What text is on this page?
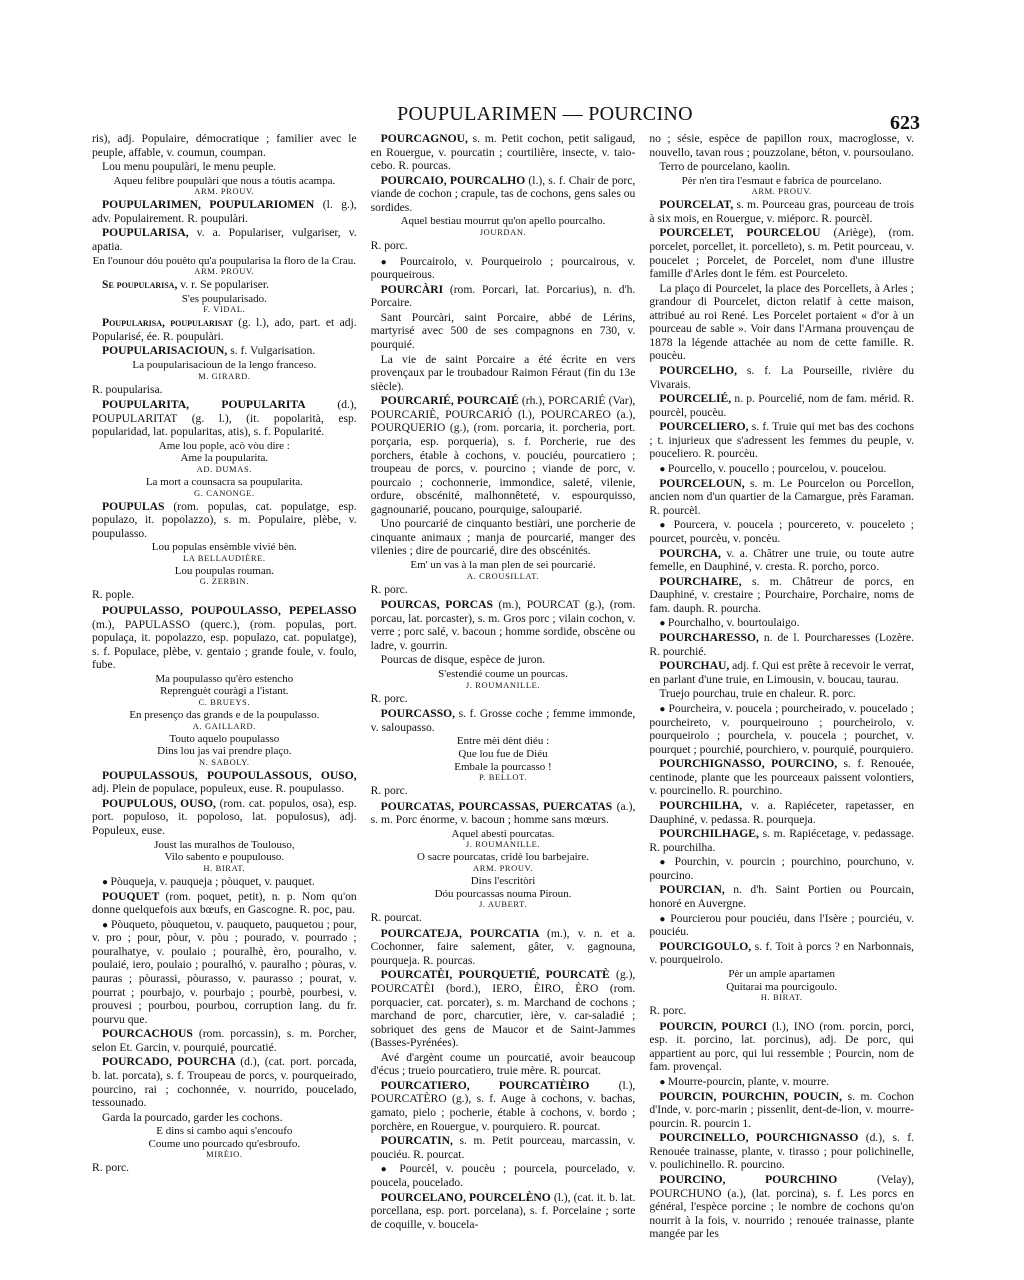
POUPULARIMEN — POURCINO	623

ris), adj. Populaire, démocratique ; familier avec le peuple, affable, v. coumun, coumpan.

Lou menu poupulàri, le menu peuple.

Aqueu felibre poupulàri que nous a tóutis acampa.

ARM. PROUV.

POUPULARIMEN, POUPULARIOMEN (l. g.), adv. Populairement. R. poupulàri.

POUPULARISA, v. a. Populariser, vulgariser, v. apatia.

En l'ounour dóu pouèto qu'a poupularisa la floro de la Crau.

ARM. PROUV.

Se poupularisa, v. r. Se populariser.

S'es poupularisado.

F. VIDAL.

Poupularisa, poupularisat (g. l.), ado, part. et adj. Popularisé, ée. R. poupulàri.

POUPULARISACIOUN, s. f. Vulgarisation.

La poupularisacioun de la lengo franceso.

M. GIRARD.

R. poupularisa.

POUPULARITA, POUPULARITA (d.), POUPULARITAT (g. l.), (it. popolarità, esp. popularidad, lat. popularitas, atis), s. f. Popularité.

Ame lou pople, acò vòu dire :
Ame la poupularita.

AD. DUMAS.

La mort a counsacra sa poupularita.

G. CANONGE.

POUPULAS (rom. populas, cat. populatge, esp. populazo, it. popolazzo), s. m. Populaire, plèbe, v. poupulasso.

Lou populas ensèmble vivié bèn.

LA BELLAUDIÈRE.

Lou poupulas rouman.

G. ZERBIN.

R. pople.

POUPULASSO, POUPOULASSO, PEPELASSO (m.), PAPULASSO (querc.), (rom. populas, port. populaça, it. popolazzo, esp. populazo, cat. populatge), s. f. Populace, plèbe, v. gentaio ; grande foule, v. foulo, fube.

Ma poupulasso qu'èro estencho
Reprenguèt couràgi a l'istant.

C. BRUEYS.

En presenço das grands e de la poupulasso.

A. GAILLARD.

Touto aquelo poupulasso
Dins lou jas vai prendre plaço.

N. SABOLY.

POUPULASSOUS, POUPOULASSOUS, OUSO, adj. Plein de populace, populeux, euse. R. poupulasso.

POUPULOUS, OUSO, (rom. cat. populos, osa), esp. port. populoso, it. popoloso, lat. populosus), adj. Populeux, euse.

Joust las muralhos de Toulouso,
Vilo sabento e poupulouso.

H. BIRAT.

● Pòuqueja, v. pauqueja ; pòuquet, v. pauquet.

POUQUET (rom. poquet, petit), n. p. Nom qu'on donne quelquefois aux bœufs, en Gascogne. R. poc, pau.

● Pòuqueto, pòuquetou, v. pauqueto, pauquetou ; pour, v. pro ; pour, pòur, v. pòu ; pourado, v. pourrado ; pouralhatye, v. poulaio ; pouralhè, èro, pouralho, v. poulaié, iero, poulaio ; pouralhó, v. pauralho ; pòuras, v. pauras ; pòurassi, pòurasso, v. paurasso ; pourat, v. pourrat ; pourbajo, v. pourbajo ; pourbè, pourbesi, v. prouvesi ; pourbou, pourbou, corruption lang. du fr. pourvu que.

POURCACHOUS (rom. porcassin), s. m. Porcher, selon Et. Garcin, v. pourquié, pourcatié.

POURCADO, POURCHA (d.), (cat. port. porcada, b. lat. porcata), s. f. Troupeau de porcs, v. pourqueirado, pourcino, rai ; cochonnée, v. nourrido, poucelado, tessounado.

Garda la pourcado, garder les cochons.

E dins si cambo aqui s'encoufo
Coume uno pourcado qu'esbroufo.

MIRÈIO.

R. porc.

POURCAGNOU, s. m. Petit cochon, petit saligaud, en Rouergue, v. pourcatin ; courtilière, insecte, v. taio-cebo. R. pourcas.

POURCAIO, POURCALHO (l.), s. f. Chair de porc, viande de cochon ; crapule, tas de cochons, gens sales ou sordides.

Aquel bestiau mourrut qu'on apello pourcalho.

JOURDAN.

R. porc.

● Pourcairolo, v. Pourqueirolo ; pourcairous, v. pourqueirous.

POURCÀRI (rom. Porcari, lat. Porcarius), n. d'h. Porcaire.

Sant Pourcàri, saint Porcaire, abbé de Lérins, martyrisé avec 500 de ses compagnons en 730, v. pourquié.

La vie de saint Porcaire a été écrite en vers provençaux par le troubadour Raimon Féraut (fin du 13e siècle).

POURCARIÉ, POURCAIÉ (rh.), PORCARIÉ (Var), POURCARIÈ, POURCARIÓ (l.), POURCAREO (a.), POURQUERIO (g.), (rom. porcaria, it. porcheria, port. porçaria, esp. porqueria), s. f. Porcherie, rue des porchers, étable à cochons, v. pouciéu, pourcatiero ; troupeau de porcs, v. pourcino ; viande de porc, v. pourcaio ; cochonnerie, immondice, saleté, vilenie, ordure, obscénité, malhonnêteté, v. espourquisso, gagnounarié, poucano, pourquige, salouparié.

Uno pourcarié de cinquanto bestiàri, une porcherie de cinquante animaux ; manja de pourcarié, manger des vilenies ; dire de pourcarié, dire des obscénités.

Em' un vas à la man plen de sei pourcarié.

A. CROUSILLAT.

R. porc.

POURCAS, PORCAS (m.), POURCAT (g.), (rom. porcau, lat. porcaster), s. m. Gros porc ; vilain cochon, v. verre ; porc salé, v. bacoun ; homme sordide, obscène ou ladre, v. gourrin.

Pourcas de disque, espèce de juron.

S'estendié coume un pourcas.

J. ROUMANILLE.

R. porc.

POURCASSO, s. f. Grosse coche ; femme immonde, v. saloupasso.

Entre mèi dènt diéu :
Que lou fue de Diéu
Embale la pourcasso !

P. BELLOT.

R. porc.

POURCATAS, POURCASSAS, PUERCATAS (a.), s. m. Porc énorme, v. bacoun ; homme sans mœurs.

Aquel abesti pourcatas.

J. ROUMANILLE.

O sacre pourcatas, cridè lou barbejaire.

ARM. PROUV.

Dins l'escritòri
Dóu pourcassas nouma Piroun.

J. AUBERT.

R. pourcat.

POURCATEJA, POURCATIA (m.), v. n. et a. Cochonner, faire salement, gâter, v. gagnouna, pourqueja. R. pourcas.

POURCATÈI, POURQUETIÉ, POURCATÈ (g.), POURCATÈI (bord.), IERO, ÈIRO, ÈRO (rom. porquacier, cat. porcater), s. m. Marchand de cochons ; marchand de porc, charcutier, ière, v. car-saladié ; sobriquet des gens de Maucor et de Saint-Jammes (Basses-Pyrénées).

Avé d'argènt coume un pourcatié, avoir beaucoup d'écus ; trueio pourcatiero, truie mère. R. pourcat.

POURCATIERO, POURCATIÈIRO (l.), POURCATÈRO (g.), s. f. Auge à cochons, v. bachas, gamato, pielo ; pocherie, étable à cochons, v. bordo ; porchère, en Rouergue, v. pourquiero. R. pourcat.

POURCATIN, s. m. Petit pourceau, marcassin, v. pouciéu. R. pourcat.

● Pourcèl, v. poucèu ; pourcela, pourcelado, v. poucela, poucelado.

POURCELANO, POURCELÈNO (l.), (cat. it. b. lat. porcellana, esp. port. porcelana), s. f. Porcelaine ; sorte de coquille, v. boucela-

no ; sésie, espèce de papillon roux, macroglosse, v. nouvello, tavan rous ; pouzzolane, béton, v. poursoulano.

Terro de pourcelano, kaolin.

Pèr n'en tira l'esmaut e fabrica de pourcelano.

ARM. PROUV.

POURCELAT, s. m. Pourceau gras, pourceau de trois à six mois, en Rouergue, v. miéporc. R. pourcèl.

POURCELET, POURCELOU (Ariège), (rom. porcelet, porcellet, it. porcelleto), s. m. Petit pourceau, v. poucelet ; Porcelet, de Porcelet, nom d'une illustre famille d'Arles dont le fém. est Pourceleto.

La plaço di Pourcelet, la place des Porcellets, à Arles ; grandour di Pourcelet, dicton relatif à cette maison, attribué au roi René. Les Porcelet portaient « d'or à un pourceau de sable ». Voir dans l'Armana prouvençau de 1878 la légende attachée au nom de cette famille. R. poucèu.

POURCELHO, s. f. La Pourseille, rivière du Vivarais.

POURCELIÉ, n. p. Pourcelié, nom de fam. mérid. R. pourcèl, poucèu.

POURCELIERO, s. f. Truie qui met bas des cochons ; t. injurieux que s'adressent les femmes du peuple, v. pouceliero. R. pourcèu.

● Pourcello, v. poucello ; pourcelou, v. poucelou.

POURCELOUN, s. m. Le Pourcelon ou Porcellon, ancien nom d'un quartier de la Camargue, près Faraman. R. pourcèl.

● Pourcera, v. poucela ; pourcereto, v. pouceleto ; pourcet, pourcèu, v. poncèu.

POURCHA, v. a. Châtrer une truie, ou toute autre femelle, en Dauphiné, v. cresta. R. porcho, porco.

POURCHAIRE, s. m. Châtreur de porcs, en Dauphiné, v. crestaire ; Pourchaire, Porchaire, noms de fam. dauph. R. pourcha.

● Pourchalho, v. bourtoulaigo.

POURCHARESSO, n. de l. Pourcharesses (Lozère. R. pourchié.

POURCHAU, adj. f. Qui est prête à recevoir le verrat, en parlant d'une truie, en Limousin, v. boucau, taurau.

Truejo pourchau, truie en chaleur. R. porc.

● Pourcheira, v. poucela ; pourcheirado, v. poucelado ; pourcheireto, v. pourqueirouno ; pourcheirolo, v. pourqueirolo ; pourchela, v. poucela ; pourchet, v. pourquet ; pourchié, pourchiero, v. pourquié, pourquiero.

POURCHIGNASSO, POURCINO, s. f. Renouée, centinode, plante que les pourceaux paissent volontiers, v. pourcinello. R. pourchino.

POURCHILHA, v. a. Rapiéceter, rapetasser, en Dauphiné, v. pedassa. R. pourqueja.

POURCHILHAGE, s. m. Rapiécetage, v. pedassage. R. pourchilha.

● Pourchin, v. pourcin ; pourchino, pourchuno, v. pourcino.

POURCIAN, n. d'h. Saint Portien ou Pourcain, honoré en Auvergne.

● Pourcierou pour pouciéu, dans l'Isère ; pourciéu, v. pouciéu.

POURCIGOULO, s. f. Toit à porcs ? en Narbonnais, v. pourqueirolo.

Pèr un ample apartamen
Quitarai ma pourcigoulo.

H. BIRAT.

R. porc.

POURCIN, POURCI (l.), INO (rom. porcin, porci, esp. it. porcino, lat. porcinus), adj. De porc, qui appartient au porc, qui lui ressemble ; Pourcin, nom de fam. provençal.

● Mourre-pourcin, plante, v. mourre.

POURCIN, POURCHIN, POUCIN, s. m. Cochon d'Inde, v. porc-marin ; pissenlit, dent-de-lion, v. mourre-pourcin. R. pourcin 1.

POURCINELLO, POURCHIGNASSO (d.), s. f. Renouée trainasse, plante, v. tirasso ; pour polichinelle, v. poulichinello. R. pourcino.

POURCINO, POURCHINO (Velay), POURCHUNO (a.), (lat. porcina), s. f. Les porcs en général, l'espèce porcine ; le nombre de cochons qu'on nourrit à la fois, v. nourrido ; renouée trainasse, plante mangée par les
